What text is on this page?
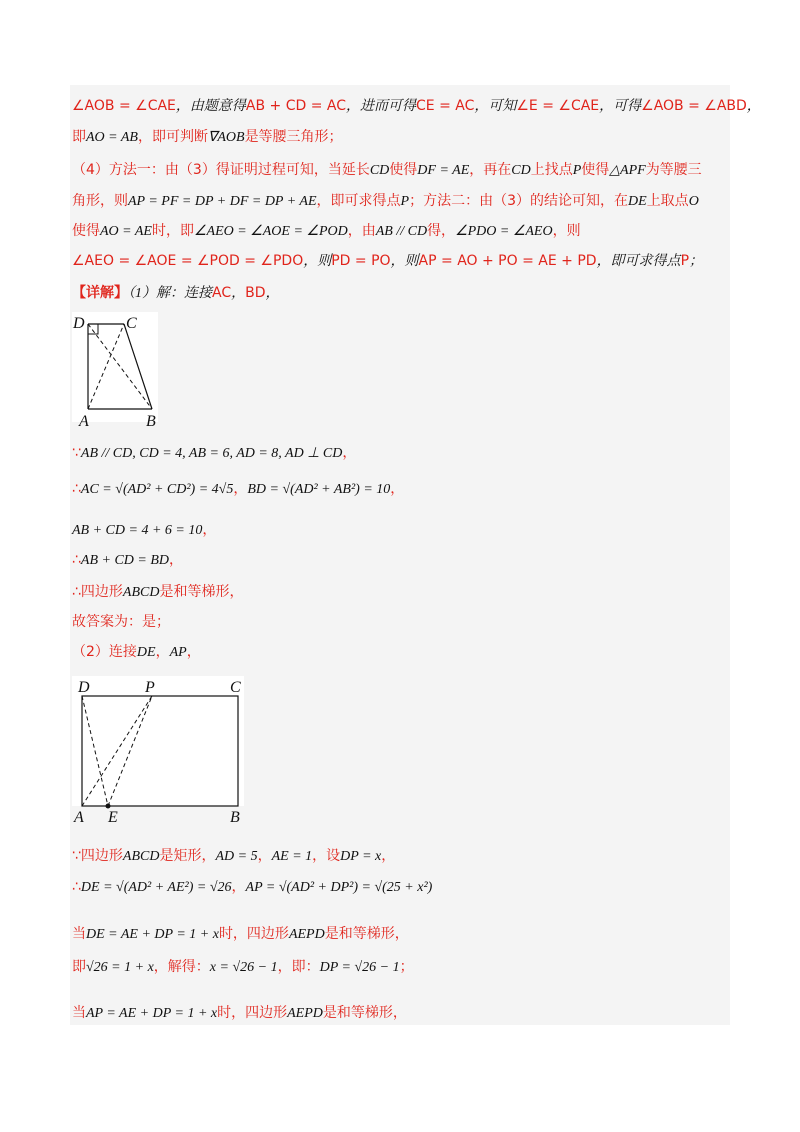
∠AOB = ∠CAE，由题意得AB + CD = AC，进而可得CE = AC，可知∠E = ∠CAE，可得∠AOB = ∠ABD，
即AO = AB，即可判断∇AOB是等腰三角形；
（4）方法一：由（3）得证明过程可知，当延长CD使得DF = AE，再在CD上找点P使得△APF为等腰三
角形，则AP = PF = DP + DF = DP + AE，即可求得点P；方法二：由（3）的结论可知，在DE上取点O
使得AO = AE时，即∠AEO = ∠AOE = ∠POD，由AB // CD得，∠PDO = ∠AEO，则
∠AEO = ∠AOE = ∠POD = ∠PDO，则PD = PO，则AP = AO + PO = AE + PD，即可求得点P；
【详解】（1）解：连接AC，BD，
D	C
A	B
∵AB // CD, CD = 4, AB = 6, AD = 8, AD ⊥ CD，
∴AC = √(AD² + CD²) = 4√5，BD = √(AD² + AB²) = 10，
AB + CD = 4 + 6 = 10，
∴AB + CD = BD，
∴四边形ABCD是和等梯形，
故答案为：是；
（2）连接DE，AP，
D	P	C
A E	B
∵四边形ABCD是矩形，AD = 5，AE = 1，设DP = x，
∴DE = √(AD² + AE²) = √26，AP = √(AD² + DP²) = √(25 + x²)
当DE = AE + DP = 1 + x时，四边形AEPD是和等梯形，
即√26 = 1 + x，解得：x = √26 − 1，即：DP = √26 − 1；
当AP = AE + DP = 1 + x时，四边形AEPD是和等梯形，
